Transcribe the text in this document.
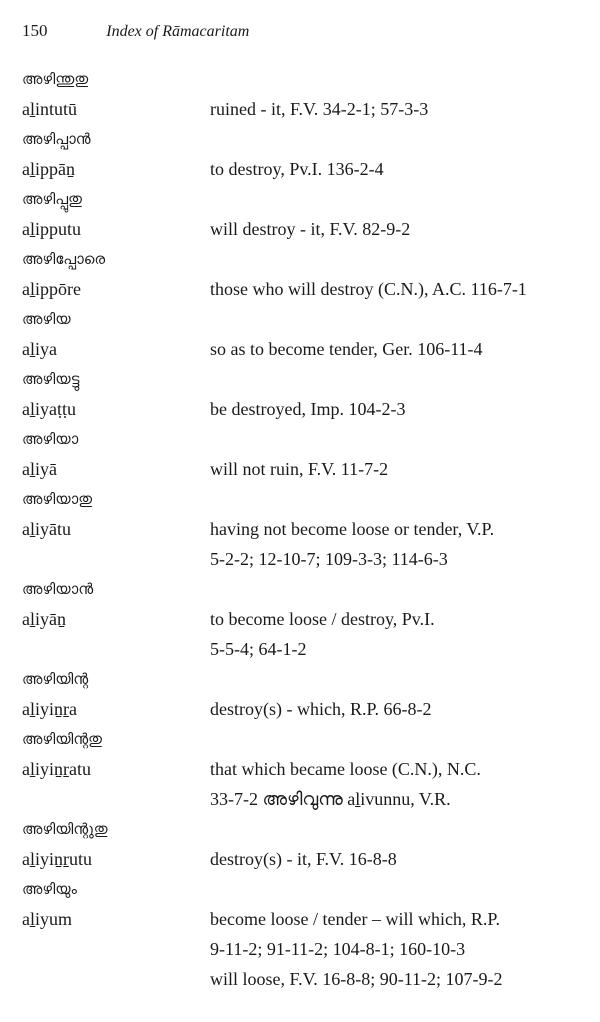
150	Index of Rāmacaritam
അഴിന്തുതു
aḻintutū	ruined - it, F.V. 34-2-1; 57-3-3
അഴിപ്പാൻ
aḻippāṉ	to destroy, Pv.I. 136-2-4
അഴിപ്പുതു
aḻipputu	will destroy - it, F.V. 82-9-2
അഴിപ്പോരെ
aḻippōre	those who will destroy (C.N.), A.C. 116-7-1
അഴിയ
aḻiya	so as to become tender, Ger. 106-11-4
അഴിയട്ടു
aḻiyaṭṭu	be destroyed, Imp. 104-2-3
അഴിയാ
aḻiyā	will not ruin, F.V. 11-7-2
അഴിയാതു
aḻiyātu	having not become loose or tender, V.P.
5-2-2; 12-10-7; 109-3-3; 114-6-3
അഴിയാൻ
aḻiyāṉ	to become loose / destroy, Pv.I.
5-5-4; 64-1-2
അഴിയിന്റ
aḻiyiṉṟa	destroy(s) - which, R.P. 66-8-2
അഴിയിന്റതു
aḻiyiṉṟatu	that which became loose (C.N.), N.C.
33-7-2 അഴിവുന്നു aḻivunnu, V.R.
അഴിയിന്റുതു
aḻiyiṉṟutu	destroy(s) - it, F.V. 16-8-8
അഴിയും
aḻiyum	become loose / tender – will which, R.P.
9-11-2; 91-11-2; 104-8-1; 160-10-3
will loose, F.V. 16-8-8; 90-11-2; 107-9-2
